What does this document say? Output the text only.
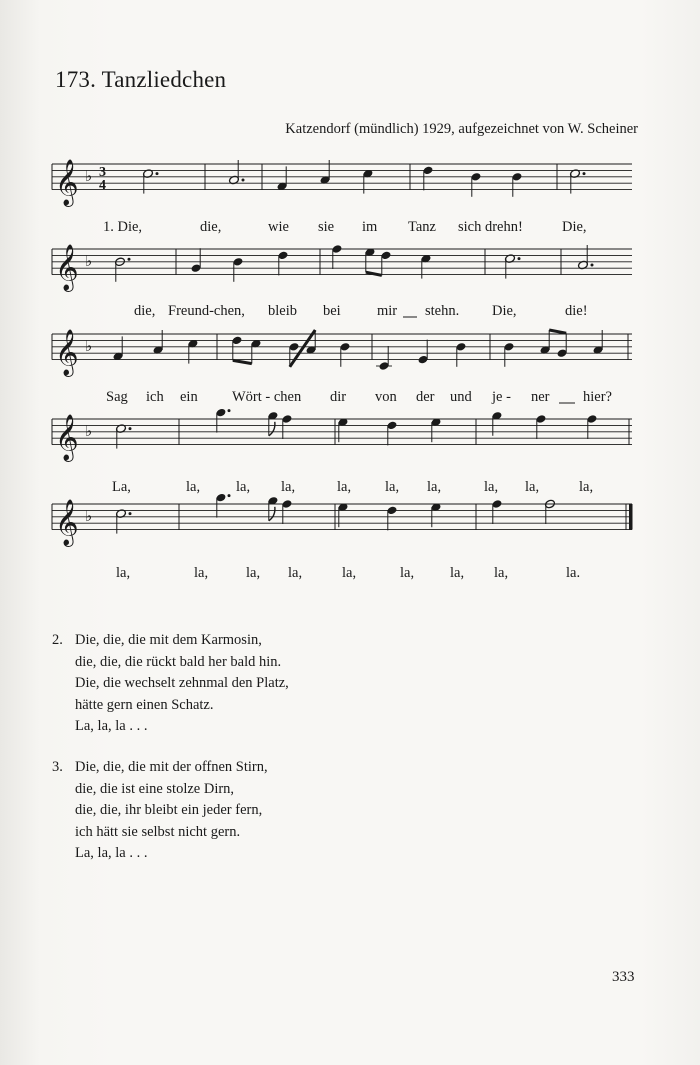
173. Tanzliedchen
Katzendorf (mündlich) 1929, aufgezeichnet von W. Scheiner
𝄞 ♭ 3
4
𝄞 ♭
𝄞 ♭
𝄞 ♭
𝄞 ♭
1. Die,	die,	wie sie im Tanz sich drehn!	Die,
die, Freund-chen, bleib bei	mir stehn. Die,	die!
Sag ich ein Wört - chen dir von der und je - ner hier?
La,	la, la, la,	la, la, la,	la, la,	la,
la,	la,	la, la,	la,	la, la, la,	la.
2. Die, die, die mit dem Karmosin,
die, die, die rückt bald her bald hin.
Die, die wechselt zehnmal den Platz,
hätte gern einen Schatz.
La, la, la . . .
3. Die, die, die mit der offnen Stirn,
die, die ist eine stolze Dirn,
die, die, ihr bleibt ein jeder fern,
ich hätt sie selbst nicht gern.
La, la, la . . .
333
